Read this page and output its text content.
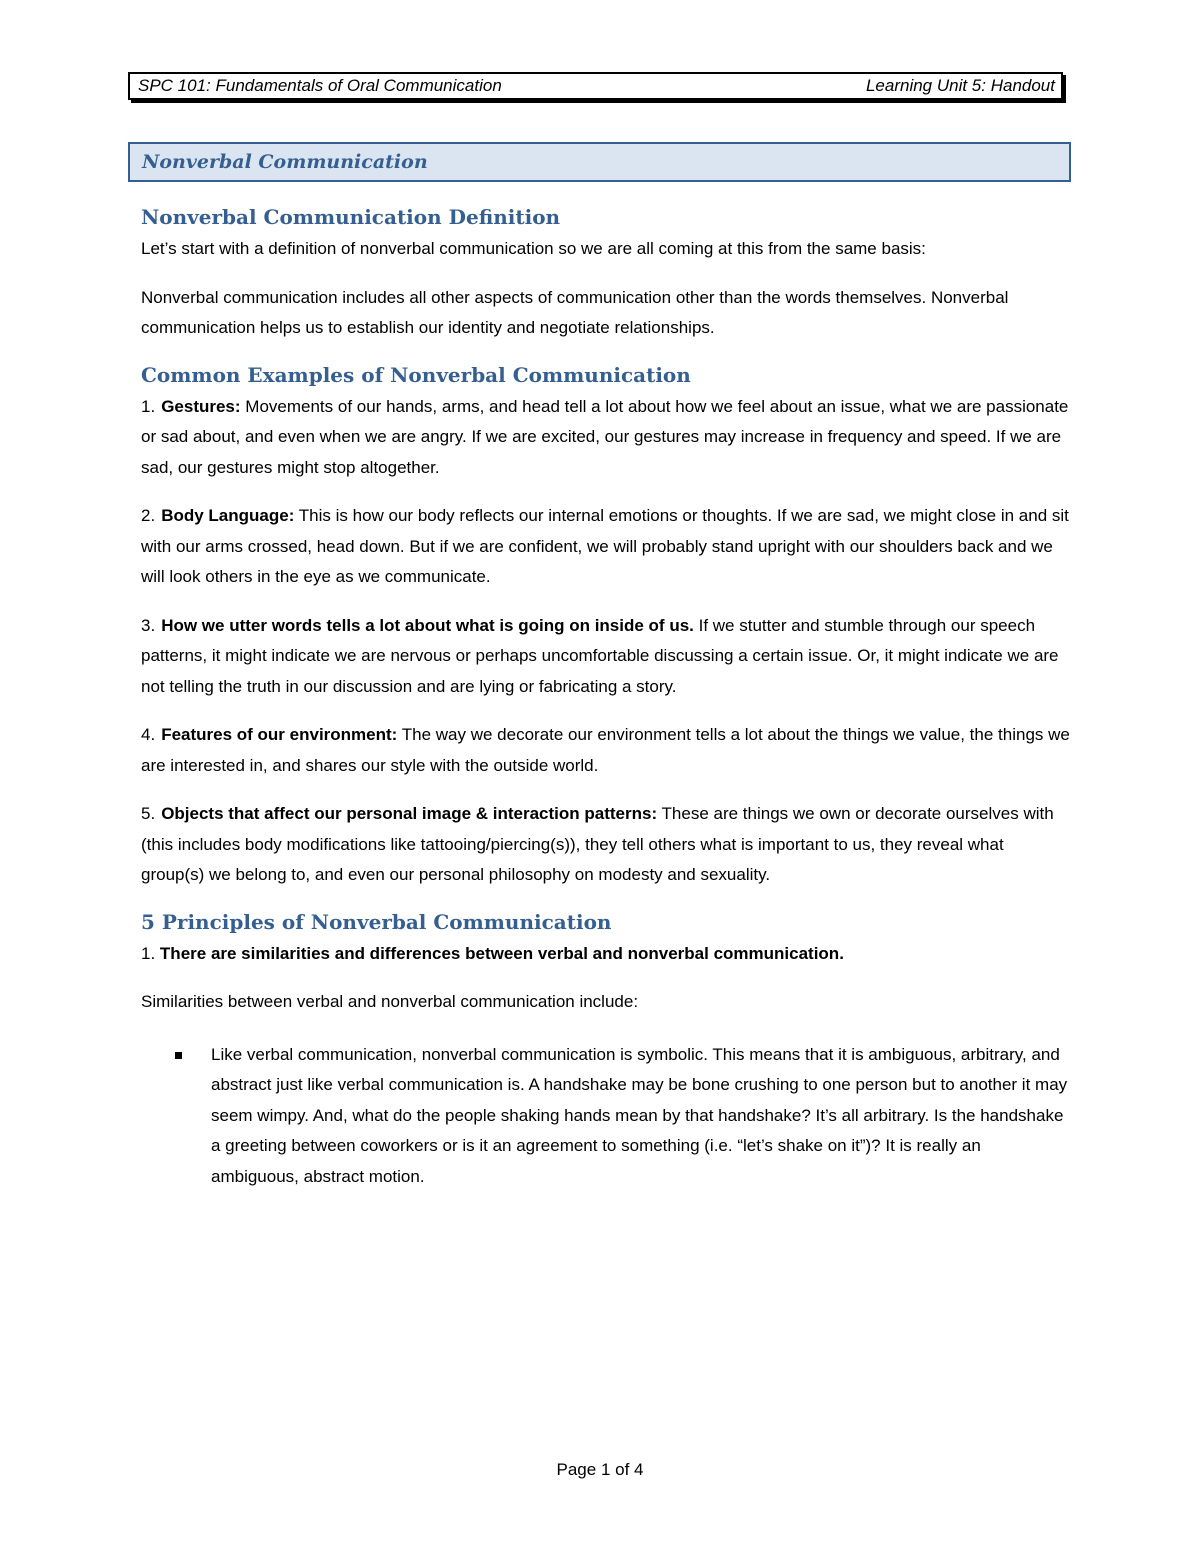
SPC 101: Fundamentals of Oral Communication	Learning Unit 5: Handout
Nonverbal Communication
Nonverbal Communication Definition

Let’s start with a definition of nonverbal communication so we are all coming at this from the same basis:

Nonverbal communication includes all other aspects of communication other than the words themselves. Nonverbal communication helps us to establish our identity and negotiate relationships.

Common Examples of Nonverbal Communication

1. Gestures: Movements of our hands, arms, and head tell a lot about how we feel about an issue, what we are passionate or sad about, and even when we are angry. If we are excited, our gestures may increase in frequency and speed. If we are sad, our gestures might stop altogether.

2. Body Language: This is how our body reflects our internal emotions or thoughts. If we are sad, we might close in and sit with our arms crossed, head down. But if we are confident, we will probably stand upright with our shoulders back and we will look others in the eye as we communicate.

3. How we utter words tells a lot about what is going on inside of us. If we stutter and stumble through our speech patterns, it might indicate we are nervous or perhaps uncomfortable discussing a certain issue. Or, it might indicate we are not telling the truth in our discussion and are lying or fabricating a story.

4. Features of our environment: The way we decorate our environment tells a lot about the things we value, the things we are interested in, and shares our style with the outside world.

5. Objects that affect our personal image & interaction patterns: These are things we own or decorate ourselves with (this includes body modifications like tattooing/piercing(s)), they tell others what is important to us, they reveal what group(s) we belong to, and even our personal philosophy on modesty and sexuality.

5 Principles of Nonverbal Communication

1. There are similarities and differences between verbal and nonverbal communication.

Similarities between verbal and nonverbal communication include:

Like verbal communication, nonverbal communication is symbolic. This means that it is ambiguous, arbitrary, and abstract just like verbal communication is. A handshake may be bone crushing to one person but to another it may seem wimpy. And, what do the people shaking hands mean by that handshake? It’s all arbitrary. Is the handshake a greeting between coworkers or is it an agreement to something (i.e. “let’s shake on it”)? It is really an ambiguous, abstract motion.
Page 1 of 4
